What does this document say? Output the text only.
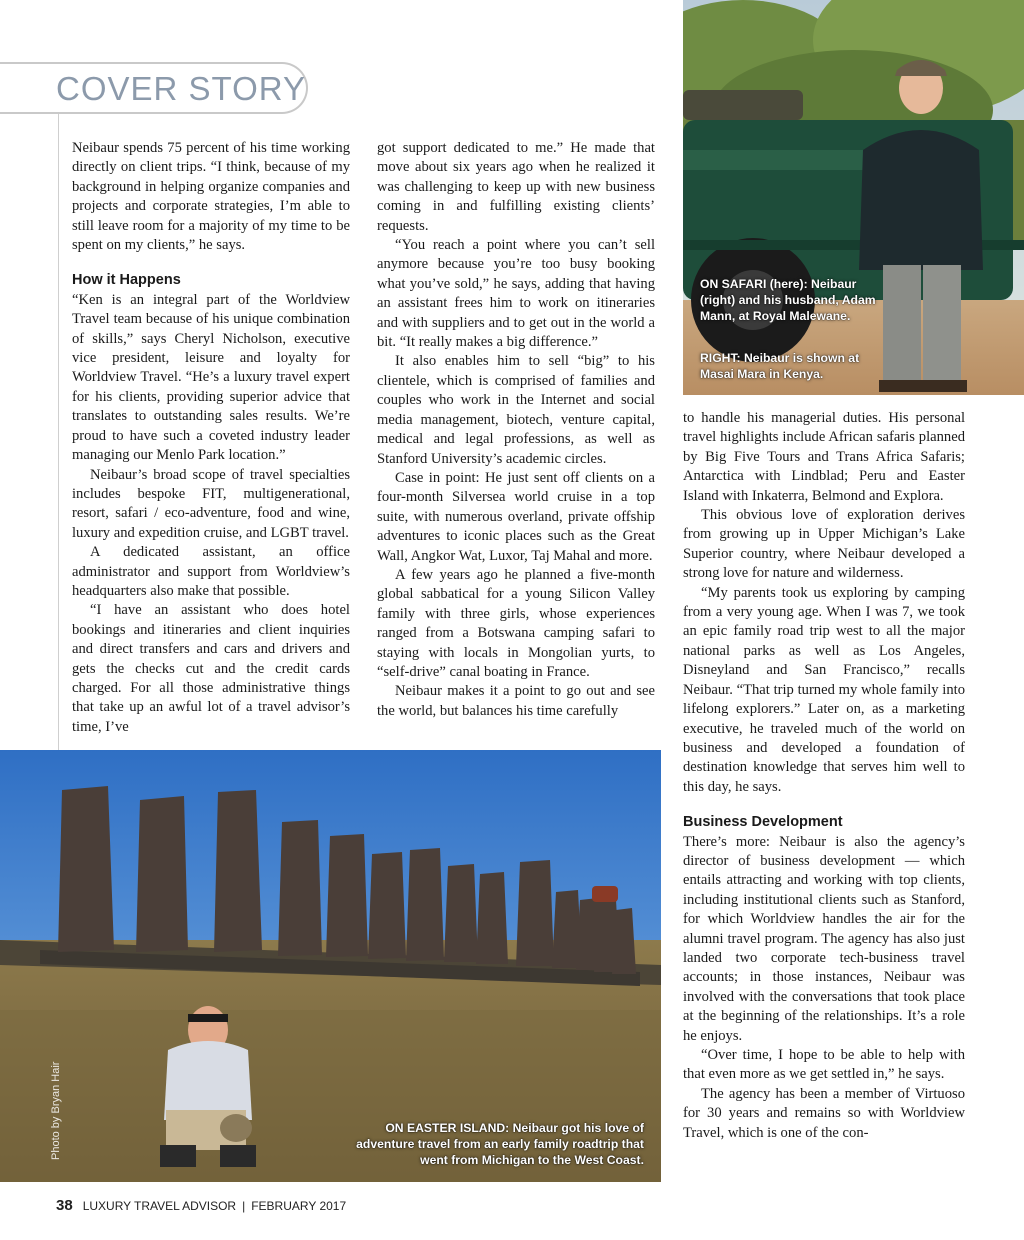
COVER STORY
ON SAFARI (here): Neibaur (right) and his husband, Adam Mann, at Royal Malewane.
RIGHT: Neibaur is shown at Masai Mara in Kenya.
ON EASTER ISLAND: Neibaur got his love of adventure travel from an early family roadtrip that went from Michigan to the West Coast.
Photo by Bryan Hair

Neibaur spends 75 percent of his time working directly on client trips. “I think, because of my background in helping organize companies and projects and corporate strategies, I’m able to still leave room for a majority of my time to be spent on my clients,” he says.

How it Happens

“Ken is an integral part of the Worldview Travel team because of his unique combination of skills,” says Cheryl Nicholson, executive vice president, leisure and loyalty for Worldview Travel. “He’s a luxury travel expert for his clients, providing superior advice that translates to outstanding sales results. We’re proud to have such a coveted industry leader managing our Menlo Park location.”

Neibaur’s broad scope of travel specialties includes bespoke FIT, multigenerational, resort, safari / eco-adventure, food and wine, luxury and expedition cruise, and LGBT travel.

A dedicated assistant, an office administrator and support from Worldview’s headquarters also make that possible.

“I have an assistant who does hotel bookings and itineraries and client inquiries and direct transfers and cars and drivers and gets the checks cut and the credit cards charged. For all those administrative things that take up an awful lot of a travel advisor’s time, I’ve

got support dedicated to me.” He made that move about six years ago when he realized it was challenging to keep up with new business coming in and fulfilling existing clients’ requests.

“You reach a point where you can’t sell anymore because you’re too busy booking what you’ve sold,” he says, adding that having an assistant frees him to work on itineraries and with suppliers and to get out in the world a bit. “It really makes a big difference.”

It also enables him to sell “big” to his clientele, which is comprised of families and couples who work in the Internet and social media management, biotech, venture capital, medical and legal professions, as well as Stanford University’s academic circles.

Case in point: He just sent off clients on a four-month Silversea world cruise in a top suite, with numerous overland, private offship adventures to iconic places such as the Great Wall, Angkor Wat, Luxor, Taj Mahal and more.

A few years ago he planned a five-month global sabbatical for a young Silicon Valley family with three girls, whose experiences ranged from a Botswana camping safari to staying with locals in Mongolian yurts, to “self-drive” canal boating in France.

Neibaur makes it a point to go out and see the world, but balances his time carefully

to handle his managerial duties. His personal travel highlights include African safaris planned by Big Five Tours and Trans Africa Safaris; Antarctica with Lindblad; Peru and Easter Island with Inkaterra, Belmond and Explora.

This obvious love of exploration derives from growing up in Upper Michigan’s Lake Superior country, where Neibaur developed a strong love for nature and wilderness.

“My parents took us exploring by camping from a very young age. When I was 7, we took an epic family road trip west to all the major national parks as well as Los Angeles, Disneyland and San Francisco,” recalls Neibaur. “That trip turned my whole family into lifelong explorers.” Later on, as a marketing executive, he traveled much of the world on business and developed a foundation of destination knowledge that serves him well to this day, he says.

Business Development

There’s more: Neibaur is also the agency’s director of business development — which entails attracting and working with top clients, including institutional clients such as Stanford, for which Worldview handles the air for the alumni travel program. The agency has also just landed two corporate tech-business travel accounts; in those instances, Neibaur was involved with the conversations that took place at the beginning of the relationships. It’s a role he enjoys.

“Over time, I hope to be able to help with that even more as we get settled in,” he says.

The agency has been a member of Virtuoso for 30 years and remains so with Worldview Travel, which is one of the con-

38 LUXURY TRAVEL ADVISOR | FEBRUARY 2017
